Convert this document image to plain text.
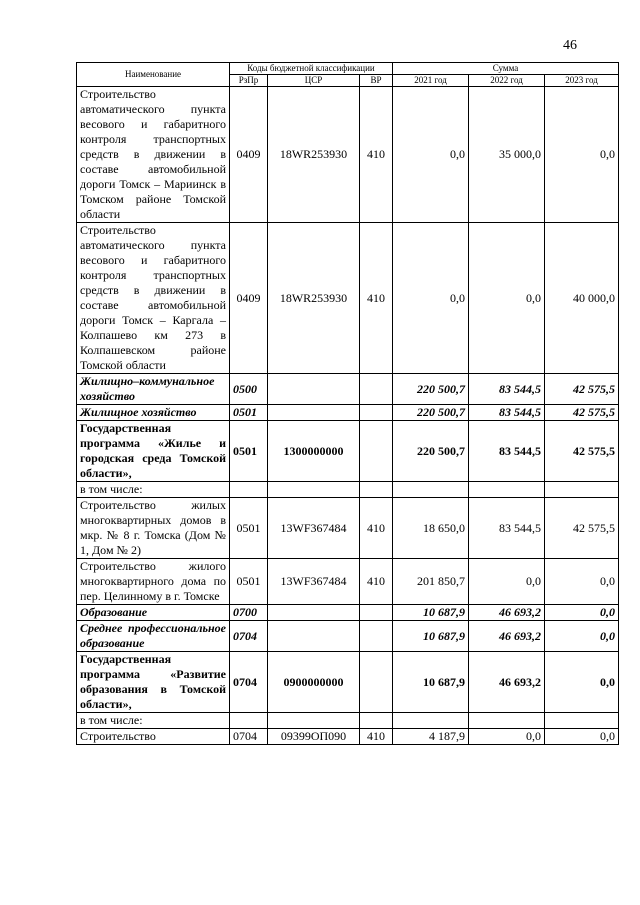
46
Наименование	Коды бюджетной классификации			Сумма		
	РзПр	ЦСР	ВР	2021 год	2022 год	2023 год
Строительство автоматического пункта весового и габаритного контроля транспортных средств в движении в составе автомобильной дороги Томск – Мариинск в Томском районе Томской области	0409	18WR253930	410	0,0	35 000,0	0,0
Строительство автоматического пункта весового и габаритного контроля транспортных средств в движении в составе автомобильной дороги Томск – Каргала – Колпашево км 273 в Колпашевском районе Томской области	0409	18WR253930	410	0,0	0,0	40 000,0
Жилищно–коммунальное хозяйство	0500			220 500,7	83 544,5	42 575,5
Жилищное хозяйство	0501			220 500,7	83 544,5	42 575,5
Государственная программа «Жилье и городская среда Томской области»,	0501	1300000000		220 500,7	83 544,5	42 575,5
в том числе:						
Строительство жилых многоквартирных домов в мкр. № 8 г. Томска (Дом № 1, Дом № 2)	0501	13WF367484	410	18 650,0	83 544,5	42 575,5
Строительство жилого многоквартирного дома по пер. Целинному в г. Томске	0501	13WF367484	410	201 850,7	0,0	0,0
Образование	0700			10 687,9	46 693,2	0,0
Среднее профессиональное образование	0704			10 687,9	46 693,2	0,0
Государственная программа «Развитие образования в Томской области»,	0704	0900000000		10 687,9	46 693,2	0,0
в том числе:						
Строительство	0704	09399ОП090	410	4 187,9	0,0	0,0
